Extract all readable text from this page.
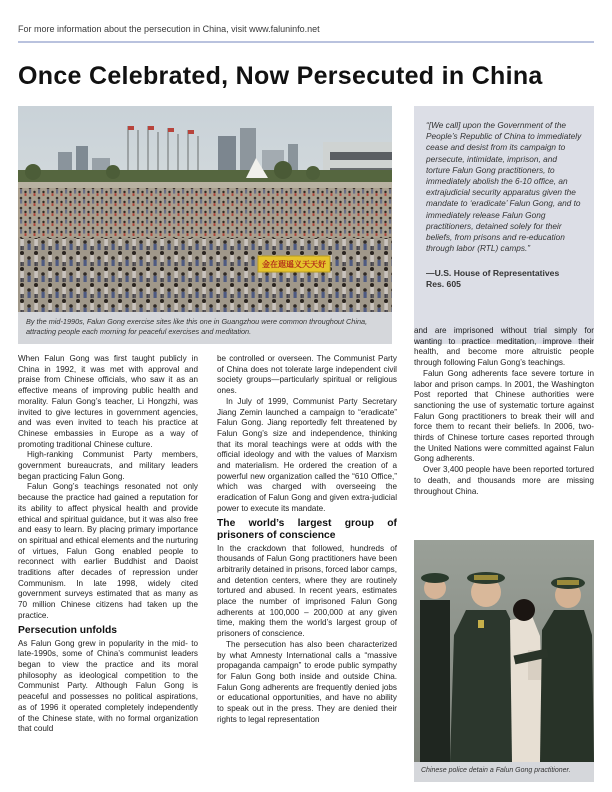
For more information about the persecution in China, visit www.faluninfo.net
Once Celebrated, Now Persecuted in China
金在遐遥义天天好
By the mid-1990s, Falun Gong exercise sites like this one in Guangzhou were common throughout China, attracting people each morning for peaceful exercises and meditation.

“[We call] upon the Government of the People’s Republic of China to immediately cease and desist from its campaign to persecute, intimidate, imprison, and torture Falun Gong practitioners, to immediately abolish the 6-10 office, an extrajudicial security apparatus given the mandate to ‘eradicate’ Falun Gong, and to immediately release Falun Gong practitioners, detained solely for their beliefs, from prisons and re-education through labor (RTL) camps.”

—U.S. House of Representatives
Res. 605

When Falun Gong was first taught publicly in China in 1992, it was met with approval and praise from Chinese officials, who saw it as an effective means of improving public health and morality. Falun Gong’s teacher, Li Hongzhi, was invited to give lectures in government agencies, and was even invited to teach his practice at Chinese embassies in Europe as a way of promoting traditional Chinese culture.

High-ranking Communist Party members, government bureaucrats, and military leaders began practicing Falun Gong.

Falun Gong’s teachings resonated not only because the practice had gained a reputation for its ability to affect physical health and provide ethical and spiritual guidance, but it was also free and easy to learn. By placing primary importance on spiritual and ethical elements and the nurturing of virtues, Falun Gong enabled people to reconnect with earlier Buddhist and Daoist traditions after decades of repression under Communism. In late 1998, widely cited government surveys estimated that as many as 70 million Chinese citizens had taken up the practice.

Persecution unfolds

As Falun Gong grew in popularity in the mid- to late-1990s, some of China’s communist leaders began to view the practice and its moral philosophy as ideological competition to the Communist Party. Although Falun Gong is peaceful and possesses no political aspirations, as of 1996 it operated completely independently of the Chinese state, with no formal organization that could

be controlled or overseen. The Communist Party of China does not tolerate large independent civil society groups—particularly spiritual or religious ones.

In July of 1999, Communist Party Secretary Jiang Zemin launched a campaign to “eradicate” Falun Gong. Jiang reportedly felt threatened by Falun Gong’s size and independence, thinking that its moral teachings were at odds with the official ideology and with the values of Marxism and materialism. He ordered the creation of a powerful new organization called the “610 Office,” which was charged with overseeing the eradication of Falun Gong and given extra-judicial power to execute its mandate.

The world’s largest group of prisoners of conscience

In the crackdown that followed, hundreds of thousands of Falun Gong practitioners have been arbitrarily detained in prisons, forced labor camps, and detention centers, where they are routinely tortured and abused. In recent years, estimates place the number of imprisoned Falun Gong adherents at 100,000 – 200,000 at any given time, making them the world’s largest group of prisoners of conscience.

The persecution has also been characterized by what Amnesty International calls a “massive propaganda campaign” to erode public sympathy for Falun Gong both inside and outside China. Falun Gong adherents are frequently denied jobs or educational opportunities, and have no ability to speak out in the press. They are denied their rights to legal representation

and are imprisoned without trial simply for wanting to practice meditation, improve their health, and become more altruistic people through following Falun Gong’s teachings.

Falun Gong adherents face severe torture in labor and prison camps. In 2001, the Washington Post reported that Chinese authorities were sanctioning the use of systematic torture against Falun Gong practitioners to break their will and force them to recant their beliefs. In 2006, two-thirds of Chinese torture cases reported through the United Nations were committed against Falun Gong adherents.

Over 3,400 people have been reported tortured to death, and thousands more are missing throughout China.

Chinese police detain a Falun Gong practitioner.
